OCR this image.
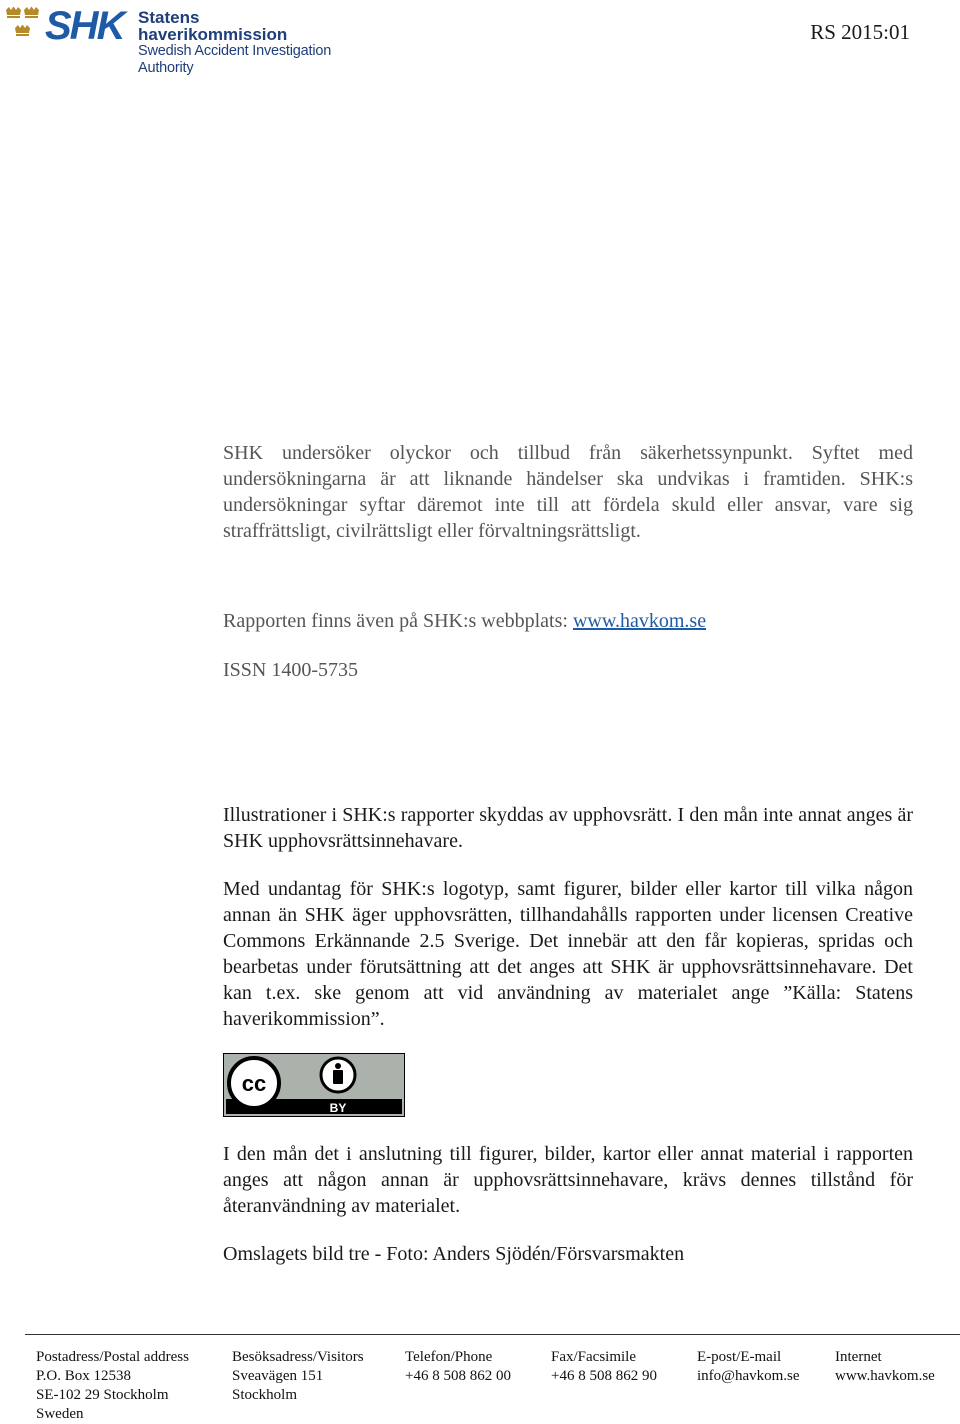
SHK Statens haverikommission
Swedish Accident Investigation Authority
RS 2015:01
SHK undersöker olyckor och tillbud från säkerhetssynpunkt. Syftet med undersökningarna är att liknande händelser ska undvikas i framtiden. SHK:s undersökningar syftar däremot inte till att fördela skuld eller ansvar, vare sig straffrättsligt, civilrättsligt eller förvaltningsrättsligt.
Rapporten finns även på SHK:s webbplats: www.havkom.se
ISSN 1400-5735
Illustrationer i SHK:s rapporter skyddas av upphovsrätt. I den mån inte annat anges är SHK upphovsrättsinnehavare.
Med undantag för SHK:s logotyp, samt figurer, bilder eller kartor till vilka någon annan än SHK äger upphovsrätten, tillhandahålls rapporten under licensen Creative Commons Erkännande 2.5 Sverige. Det innebär att den får kopieras, spridas och bearbetas under förutsättning att det anges att SHK är upphovsrättsinnehavare. Det kan t.ex. ske genom att vid användning av materialet ange ”Källa: Statens haverikommission”.
cc
BY
I den mån det i anslutning till figurer, bilder, kartor eller annat material i rapporten anges att någon annan är upphovsrättsinnehavare, krävs dennes tillstånd för återanvändning av materialet.
Omslagets bild tre - Foto: Anders Sjödén/Försvarsmakten
Postadress/Postal address
P.O. Box 12538
SE-102 29 Stockholm
Sweden
Besöksadress/Visitors
Sveavägen 151
Stockholm
Telefon/Phone
+46 8 508 862 00
Fax/Facsimile
+46 8 508 862 90
E-post/E-mail
info@havkom.se
Internet
www.havkom.se
